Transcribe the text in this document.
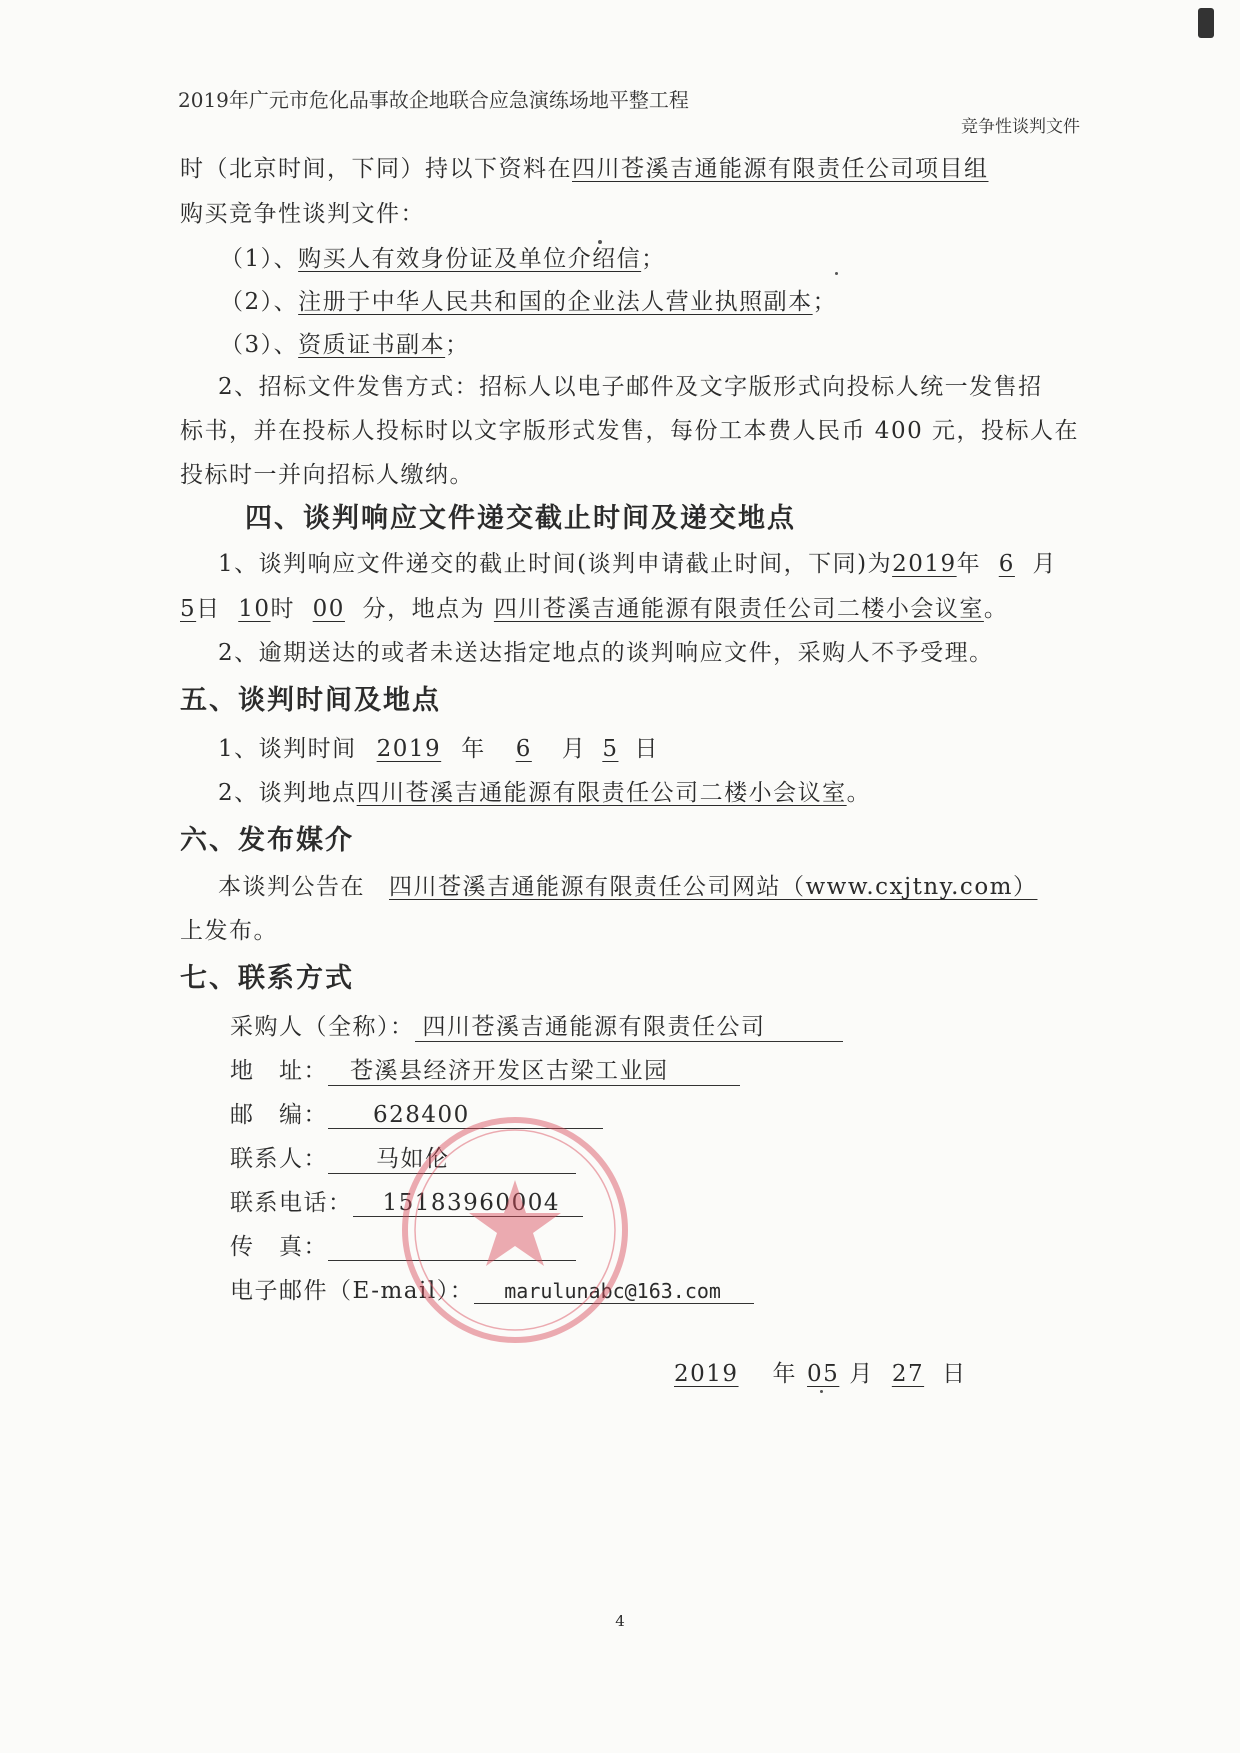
2019年广元市危化品事故企地联合应急演练场地平整工程
竞争性谈判文件
时（北京时间，下同）持以下资料在四川苍溪吉通能源有限责任公司项目组
购买竞争性谈判文件：
（1）、购买人有效身份证及单位介绍信；
（2）、注册于中华人民共和国的企业法人营业执照副本；
（3）、资质证书副本；
2、招标文件发售方式：招标人以电子邮件及文字版形式向投标人统一发售招
标书，并在投标人投标时以文字版形式发售，每份工本费人民币 400 元，投标人在
投标时一并向招标人缴纳。
四、谈判响应文件递交截止时间及递交地点
1、谈判响应文件递交的截止时间(谈判申请截止时间，下同)为2019年 6 月
5日 10时 00 分，地点为 四川苍溪吉通能源有限责任公司二楼小会议室。
2、逾期送达的或者未送达指定地点的谈判响应文件，采购人不予受理。
五、谈判时间及地点
1、谈判时间 2019 年 6 月 5 日
2、谈判地点四川苍溪吉通能源有限责任公司二楼小会议室。
六、发布媒介
本谈判公告在 四川苍溪吉通能源有限责任公司网站（www.cxjtny.com）
上发布。
七、联系方式
采购人（全称）： 四川苍溪吉通能源有限责任公司
地　址： 苍溪县经济开发区古梁工业园
邮　编： 628400
联系人： 马如伦
联系电话： 15183960004
传　真：
电子邮件（E-mail）： marulunabc@163.com
2019 年 05 月 27 日
4
